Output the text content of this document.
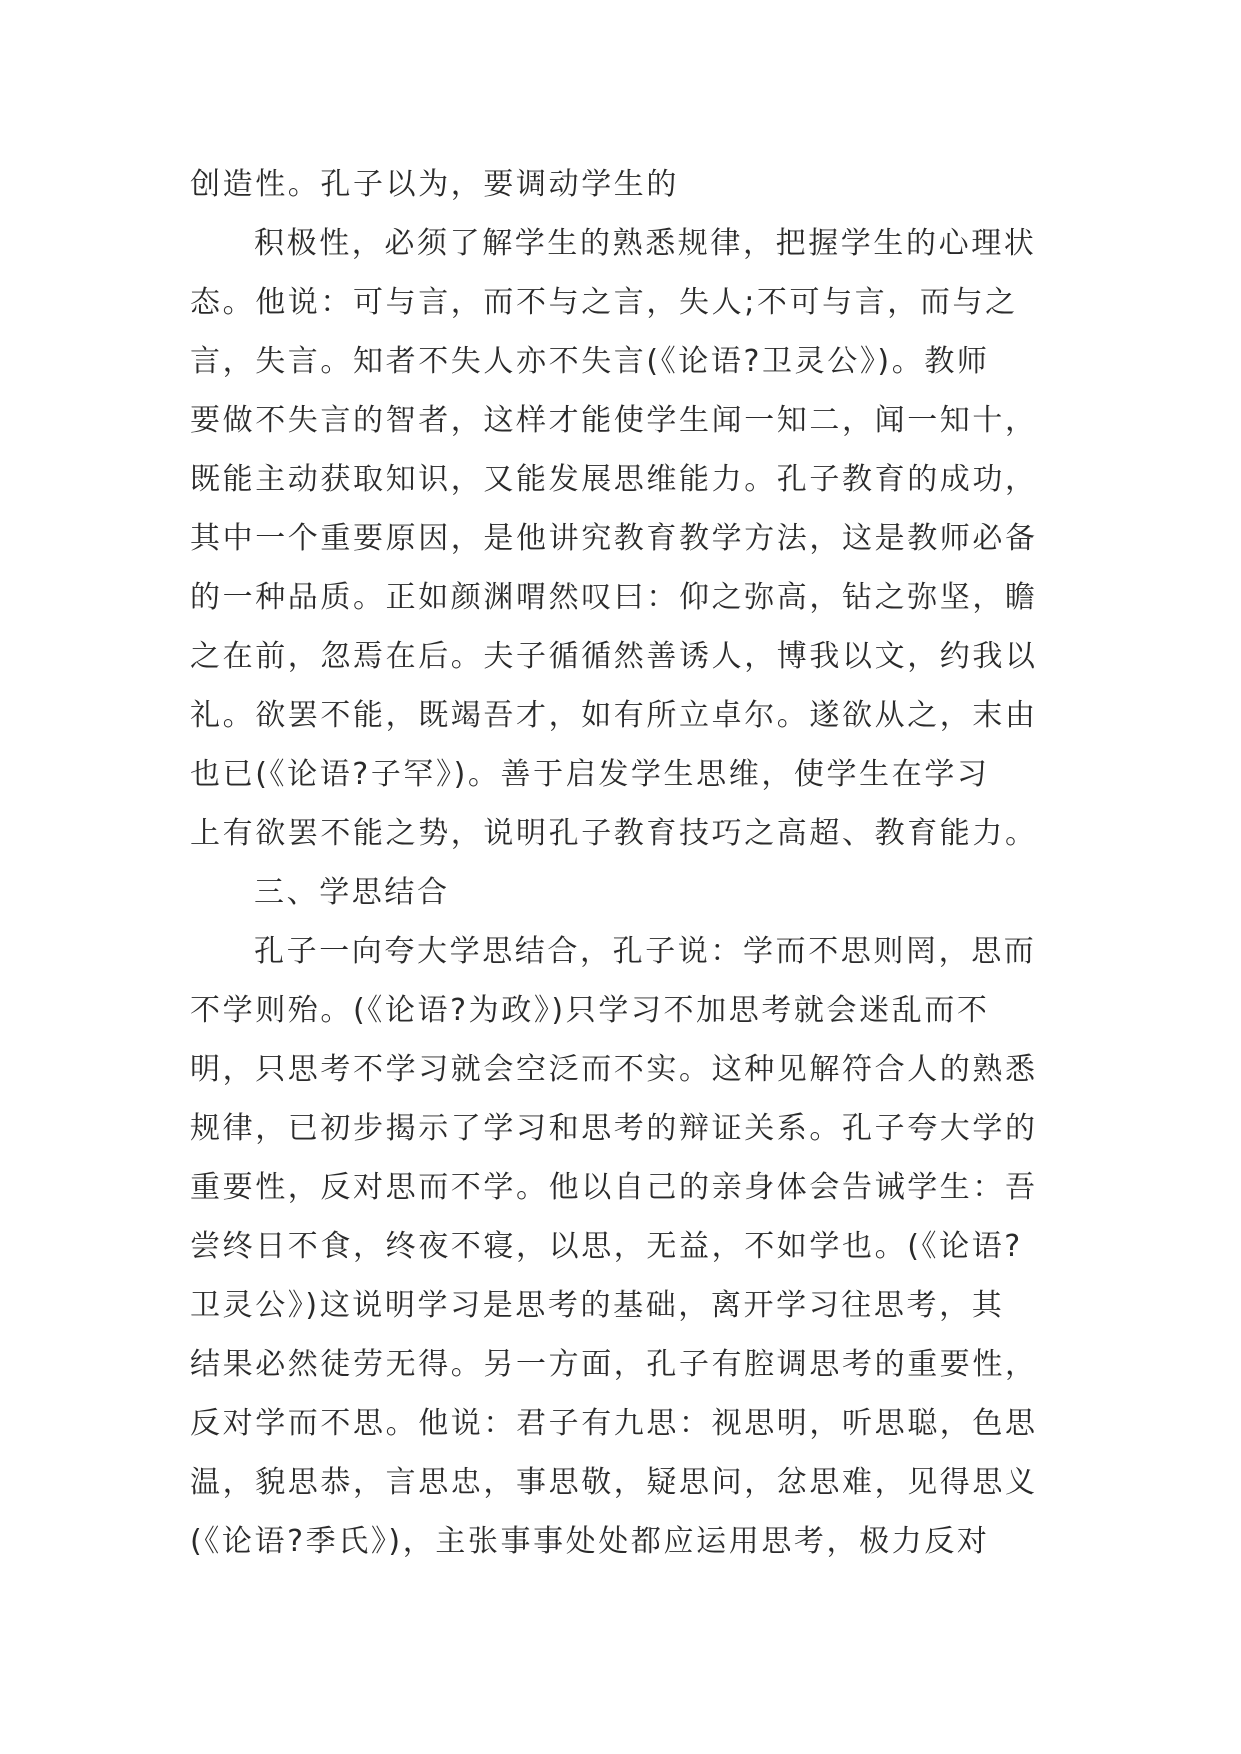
创造性。孔子以为，要调动学生的
积极性，必须了解学生的熟悉规律，把握学生的心理状
态。他说：可与言，而不与之言，失人;不可与言，而与之
言，失言。知者不失人亦不失言(《论语?卫灵公》)。教师
要做不失言的智者，这样才能使学生闻一知二，闻一知十，
既能主动获取知识，又能发展思维能力。孔子教育的成功，
其中一个重要原因，是他讲究教育教学方法，这是教师必备
的一种品质。正如颜渊喟然叹曰：仰之弥高，钻之弥坚，瞻
之在前，忽焉在后。夫子循循然善诱人，博我以文，约我以
礼。欲罢不能，既竭吾才，如有所立卓尔。遂欲从之，末由
也已(《论语?子罕》)。善于启发学生思维，使学生在学习
上有欲罢不能之势，说明孔子教育技巧之高超、教育能力。
三、学思结合
孔子一向夸大学思结合，孔子说：学而不思则罔，思而
不学则殆。(《论语?为政》)只学习不加思考就会迷乱而不
明，只思考不学习就会空泛而不实。这种见解符合人的熟悉
规律，已初步揭示了学习和思考的辩证关系。孔子夸大学的
重要性，反对思而不学。他以自己的亲身体会告诫学生：吾
尝终日不食，终夜不寝，以思，无益，不如学也。(《论语?
卫灵公》)这说明学习是思考的基础，离开学习往思考，其
结果必然徒劳无得。另一方面，孔子有腔调思考的重要性，
反对学而不思。他说：君子有九思：视思明，听思聪，色思
温，貌思恭，言思忠，事思敬，疑思问，忿思难，见得思义
(《论语?季氏》)，主张事事处处都应运用思考，极力反对
